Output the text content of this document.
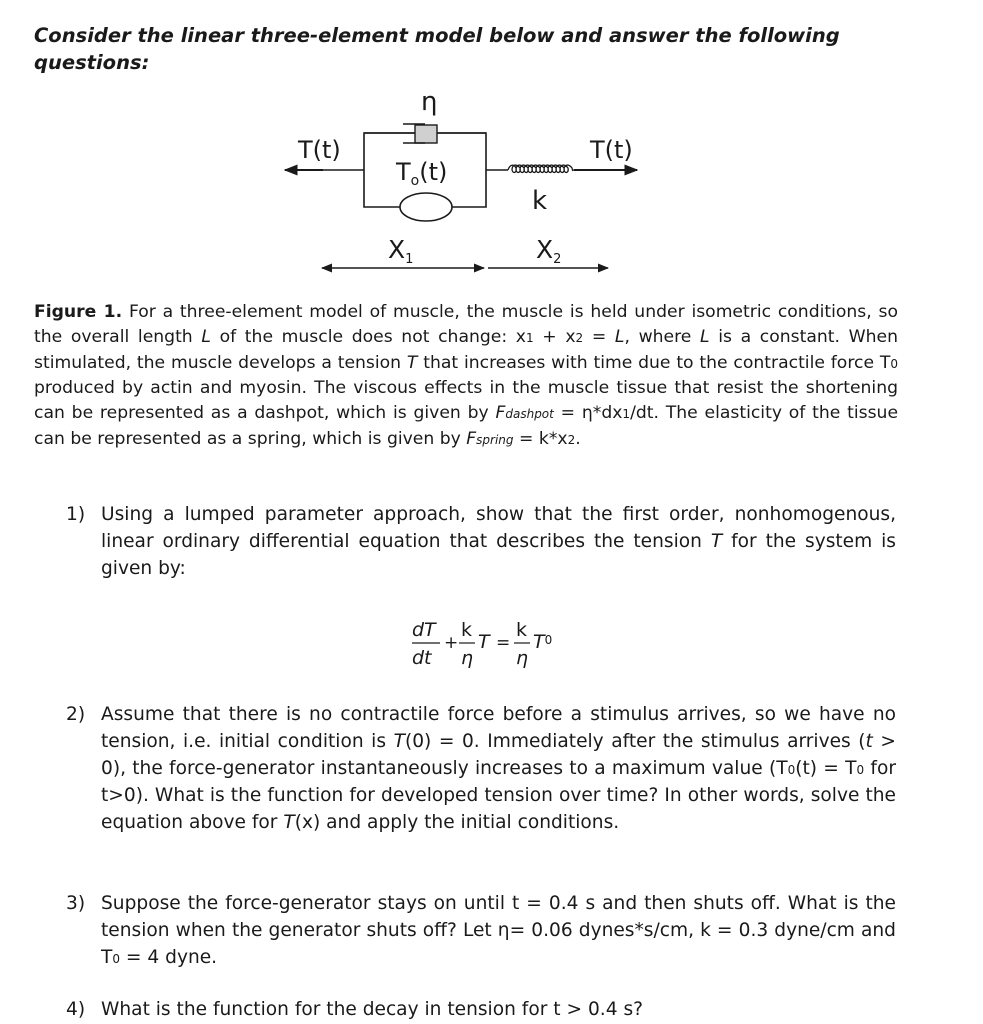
Consider the linear three-element model below and answer the following questions:

η
T(t)
$T_o(t)$
k
T(t)
$X_1$	$X_2$

Figure 1. For a three-element model of muscle, the muscle is held under isometric conditions, so the overall length L of the muscle does not change: x1 + x2 = L, where L is a constant. When stimulated, the muscle develops a tension T that increases with time due to the contractile force T0 produced by actin and myosin. The viscous effects in the muscle tissue that resist the shortening can be represented as a dashpot, which is given by Fdashpot = η*dx1/dt. The elasticity of the tissue can be represented as a spring, which is given by Fspring = k*x2.

1) Using a lumped parameter approach, show that the first order, nonhomogenous, linear ordinary differential equation that describes the tension T for the system is given by:
dT
dt
+
k
η
T =
k
η
$T^0$
2) Assume that there is no contractile force before a stimulus arrives, so we have no tension, i.e. initial condition is T(0) = 0. Immediately after the stimulus arrives (t > 0), the force-generator instantaneously increases to a maximum value (T0(t) = T0 for t>0). What is the function for developed tension over time? In other words, solve the equation above for T(x) and apply the initial conditions.
3) Suppose the force-generator stays on until t = 0.4 s and then shuts off. What is the tension when the generator shuts off? Let η= 0.06 dynes*s/cm, k = 0.3 dyne/cm and T0 = 4 dyne.
4) What is the function for the decay in tension for t > 0.4 s?
